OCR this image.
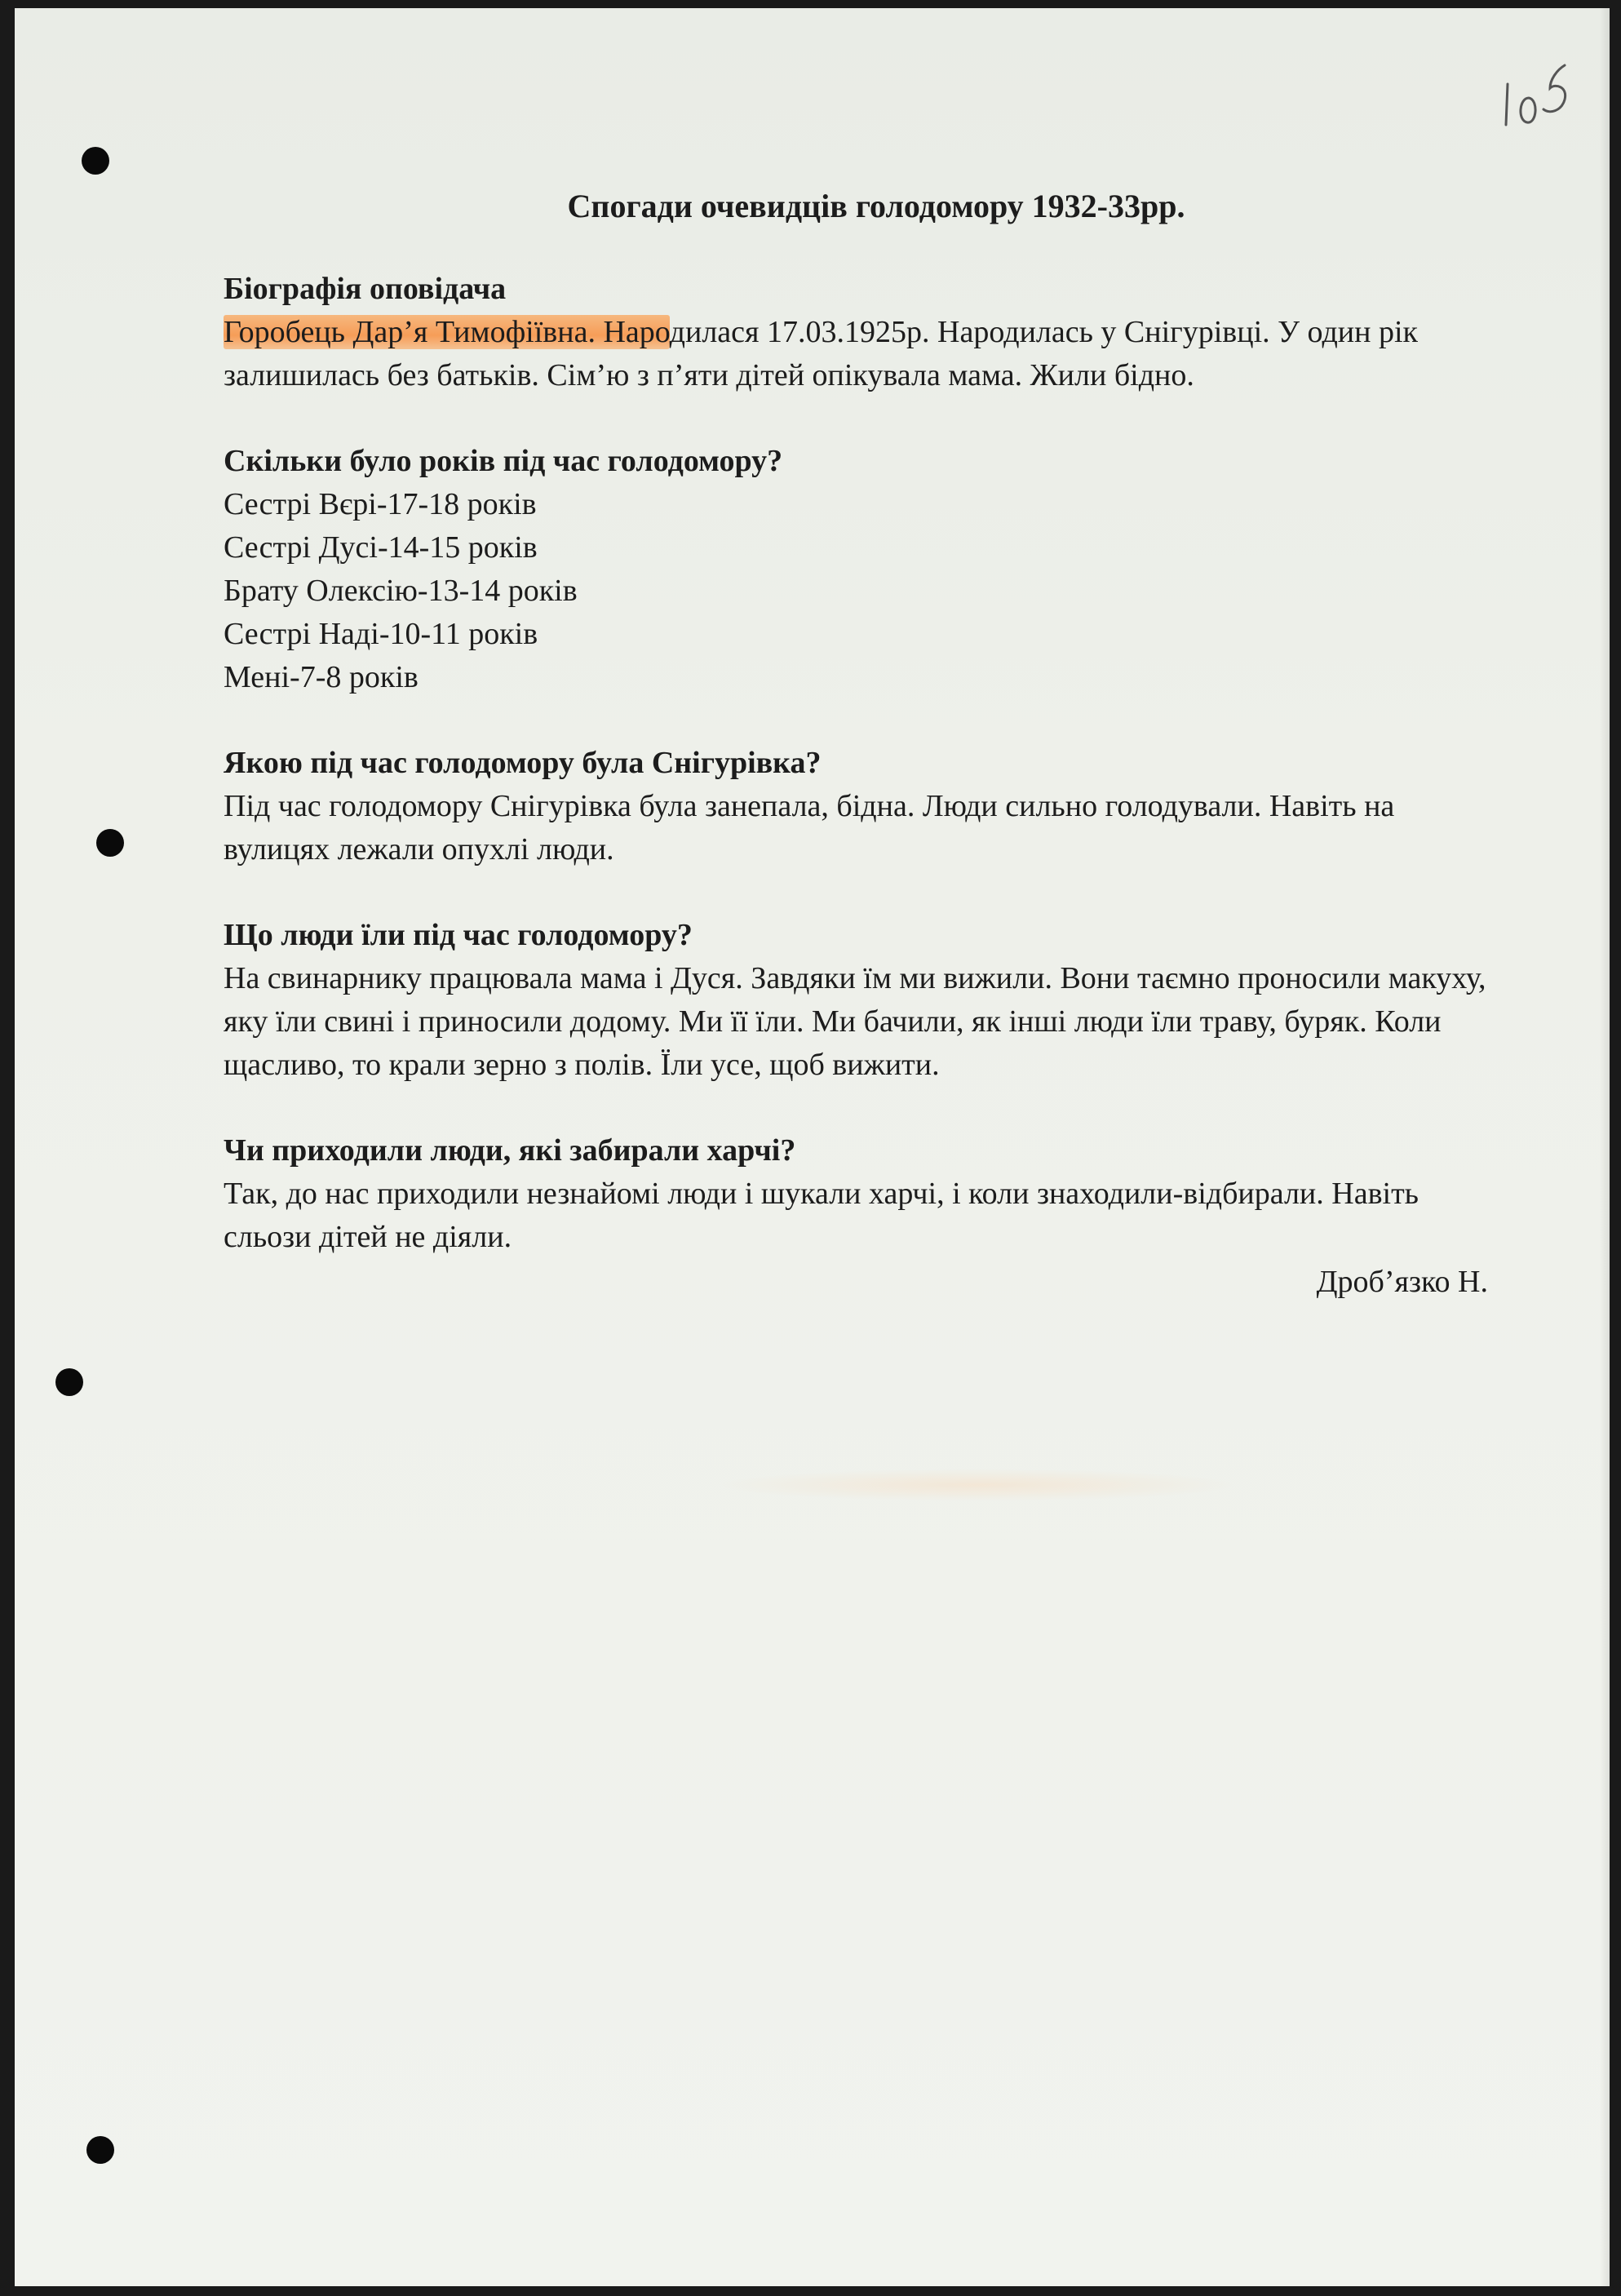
Спогади очевидців голодомору 1932-33рр.
Біографія оповідача

Горобець Дар’я Тимофіївна. Народилася 17.03.1925р. Народилась у Снігурівці. У один рік залишилась без батьків. Сім’ю з п’яти дітей опікувала мама. Жили бідно.

Скільки було років під час голодомору?
Сестрі Вєрі-17-18 років
Сестрі Дусі-14-15 років
Брату Олексію-13-14 років
Сестрі Наді-10-11 років
Мені-7-8 років
Якою під час голодомору була Снігурівка?

Під час голодомору Снігурівка була занепала, бідна. Люди сильно голодували. Навіть на вулицях лежали опухлі люди.

Що люди їли під час голодомору?

На свинарнику працювала мама і Дуся. Завдяки їм ми вижили. Вони таємно проносили макуху, яку їли свині і приносили додому. Ми її їли. Ми бачили, як інші люди їли траву, буряк. Коли щасливо, то крали зерно з полів. Їли усе, щоб вижити.

Чи приходили люди, які забирали харчі?

Так, до нас приходили незнайомі люди і шукали харчі, і коли знаходили-відбирали. Навіть сльози дітей не діяли.

Дроб’язко Н.
